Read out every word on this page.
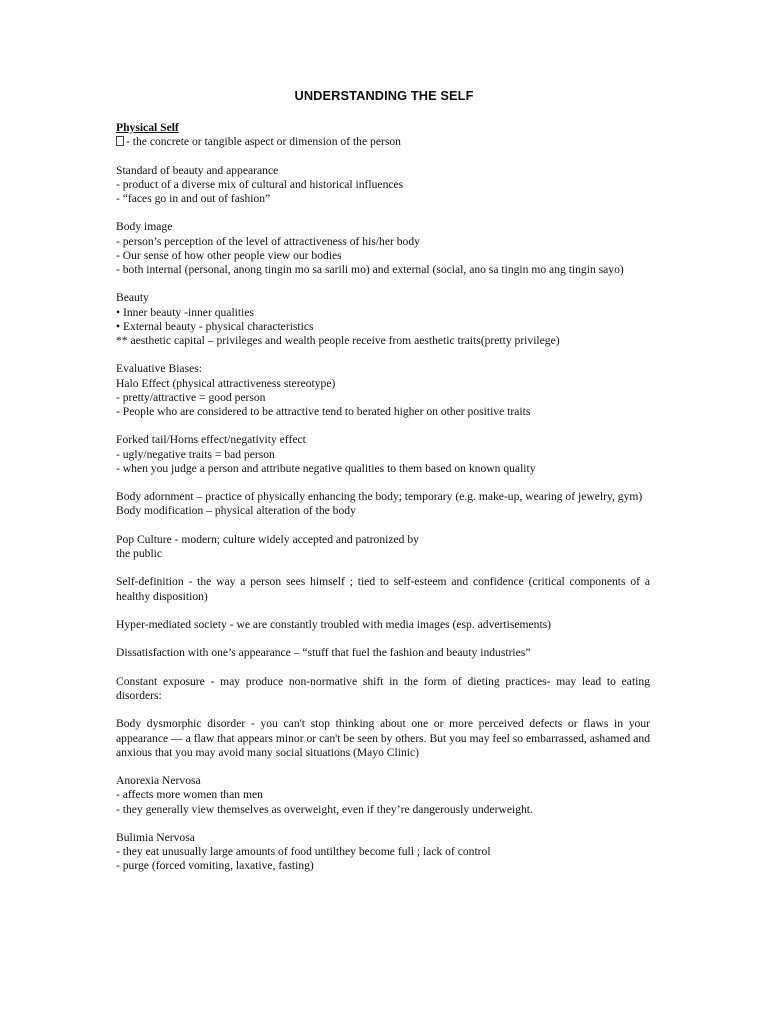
UNDERSTANDING THE SELF
Physical Self
- the concrete or tangible aspect or dimension of the person
Standard of beauty and appearance
- product of a diverse mix of cultural and historical influences
- “faces go in and out of fashion”
Body image
- person’s perception of the level of attractiveness of his/her body
- Our sense of how other people view our bodies
- both internal (personal, anong tingin mo sa sarili mo) and external (social, ano sa tingin mo ang tingin sayo)
Beauty
• Inner beauty -inner qualities
• External beauty - physical characteristics
** aesthetic capital – privileges and wealth people receive from aesthetic traits(pretty privilege)
Evaluative Biases:
Halo Effect (physical attractiveness stereotype)
- pretty/attractive = good person
- People who are considered to be attractive tend to berated higher on other positive traits
Forked tail/Horns effect/negativity effect
- ugly/negative traits = bad person
- when you judge a person and attribute negative qualities to them based on known quality
Body adornment – practice of physically enhancing the body; temporary (e.g. make-up, wearing of jewelry, gym)
Body modification – physical alteration of the body
Pop Culture - modern; culture widely accepted and patronized by
the public
Self-definition - the way a person sees himself ; tied to self-esteem and confidence (critical components of a healthy disposition)
Hyper-mediated society - we are constantly troubled with media images (esp. advertisements)
Dissatisfaction with one’s appearance – “stuff that fuel the fashion and beauty industries”
Constant exposure - may produce non-normative shift in the form of dieting practices- may lead to eating disorders:
Body dysmorphic disorder - you can't stop thinking about one or more perceived defects or flaws in your appearance — a flaw that appears minor or can't be seen by others. But you may feel so embarrassed, ashamed and anxious that you may avoid many social situations (Mayo Clinic)
Anorexia Nervosa
- affects more women than men
- they generally view themselves as overweight, even if they’re dangerously underweight.
Bulimia Nervosa
- they eat unusually large amounts of food untilthey become full ; lack of control
- purge (forced vomiting, laxative, fasting)
